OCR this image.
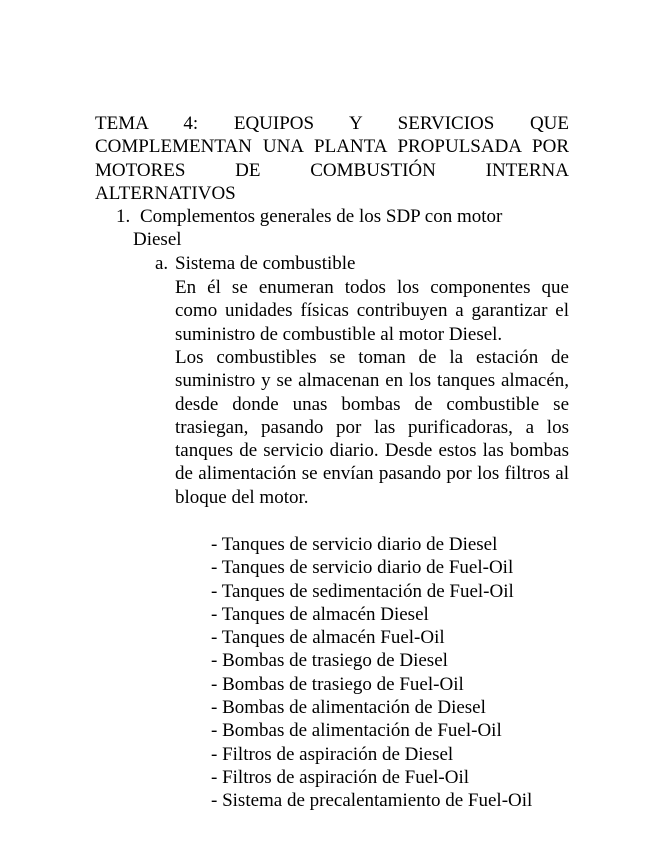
TEMA 4: EQUIPOS Y SERVICIOS QUE COMPLEMENTAN UNA PLANTA PROPULSADA POR MOTORES DE COMBUSTIÓN INTERNA ALTERNATIVOS
1. Complementos generales de los SDP con motor
Diesel
a. Sistema de combustible

En él se enumeran todos los componentes que como unidades físicas contribuyen a garantizar el suministro de combustible al motor Diesel.

Los combustibles se toman de la estación de suministro y se almacenan en los tanques almacén, desde donde unas bombas de combustible se trasiegan, pasando por las purificadoras, a los tanques de servicio diario. Desde estos las bombas de alimentación se envían pasando por los filtros al bloque del motor.

- Tanques de servicio diario de Diesel
- Tanques de servicio diario de Fuel-Oil
- Tanques de sedimentación de Fuel-Oil
- Tanques de almacén Diesel
- Tanques de almacén Fuel-Oil
- Bombas de trasiego de Diesel
- Bombas de trasiego de Fuel-Oil
- Bombas de alimentación de Diesel
- Bombas de alimentación de Fuel-Oil
- Filtros de aspiración de Diesel
- Filtros de aspiración de Fuel-Oil
- Sistema de precalentamiento de Fuel-Oil
